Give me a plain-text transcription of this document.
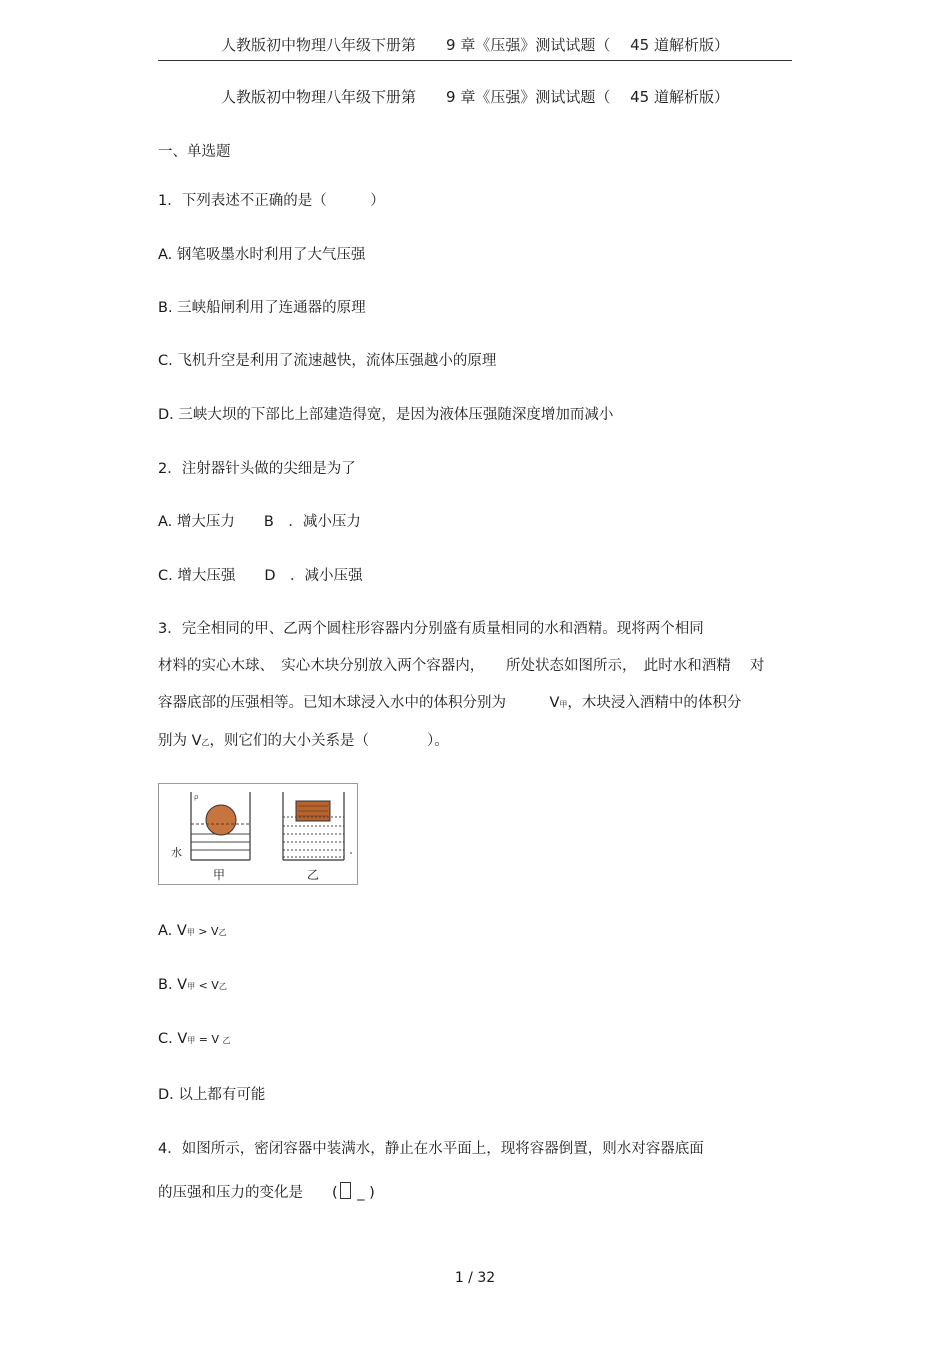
人教版初中物理八年级下册第　　9 章《压强》测试试题（　 45 道解析版）
人教版初中物理八年级下册第　　9 章《压强》测试试题（　 45 道解析版）
一、单选题
1．下列表述不正确的是（　　　）
A. 钢笔吸墨水时利用了大气压强
B. 三峡船闸利用了连通器的原理
C. 飞机升空是利用了流速越快，流体压强越小的原理
D. 三峡大坝的下部比上部建造得宽，是因为液体压强随深度增加而减小
2．注射器针头做的尖细是为了
A. 增大压力　　B　．减小压力
C. 增大压强　　D　．减小压强
3．完全相同的甲、乙两个圆柱形容器内分别盛有质量相同的水和酒精。现将两个相同
材料的实心木球、　实心木块分别放入两个容器内，　　所处状态如图所示，　此时水和酒精　 对
容器底部的压强相等。已知木球浸入水中的体积分别为　　　V甲，木块浸入酒精中的体积分
别为 V乙，则它们的大小关系是（　　　　）。
ρ
水
甲	乙
A. V甲 > V乙
B. V甲 < V乙
C. V甲 = V 乙
D. 以上都有可能
4．如图所示，密闭容器中装满水，静止在水平面上，现将容器倒置，则水对容器底面
的压强和压力的变化是　　( _ )
1 / 32
